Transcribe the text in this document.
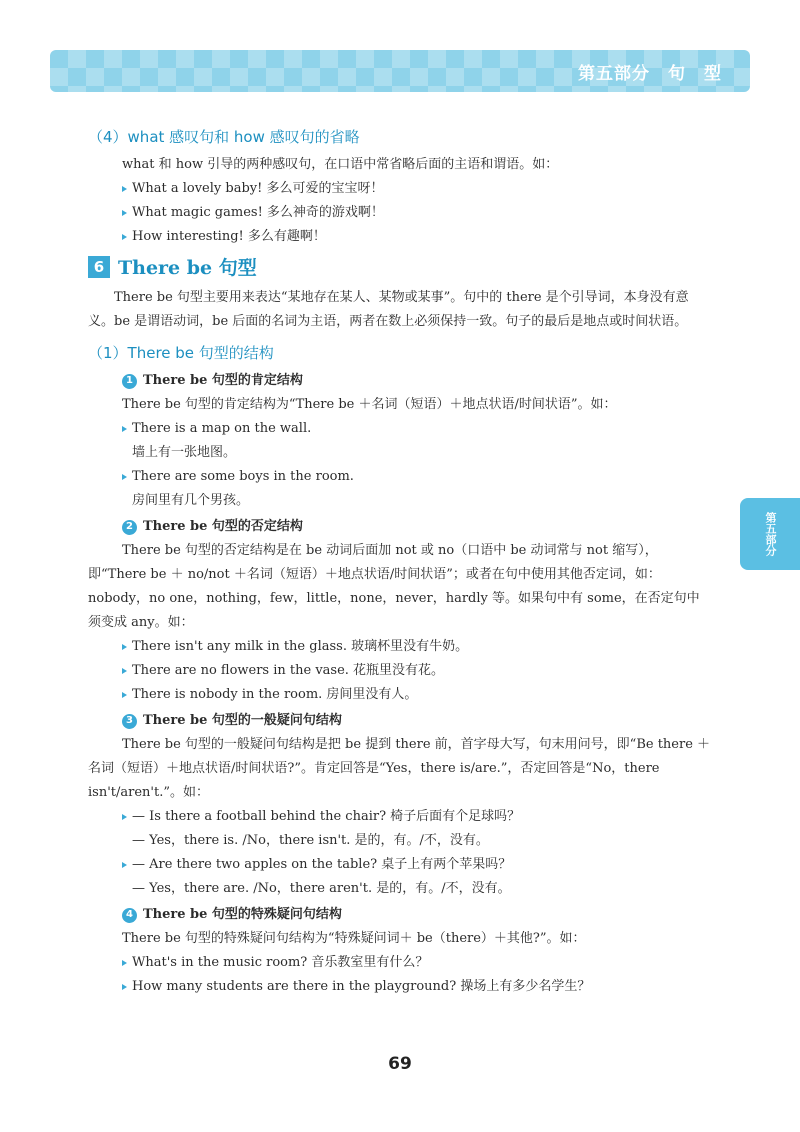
第五部分　句　型
第五部分
（4）what 感叹句和 how 感叹句的省略

what 和 how 引导的两种感叹句，在口语中常省略后面的主语和谓语。如：

What a lovely baby! 多么可爱的宝宝呀！

What magic games! 多么神奇的游戏啊！

How interesting! 多么有趣啊！

6 There be 句型

There be 句型主要用来表达“某地存在某人、某物或某事”。句中的 there 是个引导词，本身没有意义。be 是谓语动词，be 后面的名词为主语，两者在数上必须保持一致。句子的最后是地点或时间状语。

（1）There be 句型的结构
1 There be 句型的肯定结构

There be 句型的肯定结构为“There be ＋名词（短语）＋地点状语/时间状语”。如：

There is a map on the wall.

墙上有一张地图。

There are some boys in the room.

房间里有几个男孩。

2 There be 句型的否定结构

There be 句型的否定结构是在 be 动词后面加 not 或 no（口语中 be 动词常与 not 缩写），即“There be ＋ no/not ＋名词（短语）＋地点状语/时间状语”；或者在句中使用其他否定词，如：nobody，no one，nothing，few，little，none，never，hardly 等。如果句中有 some，在否定句中须变成 any。如：

There isn't any milk in the glass. 玻璃杯里没有牛奶。

There are no flowers in the vase. 花瓶里没有花。

There is nobody in the room. 房间里没有人。

3 There be 句型的一般疑问句结构

There be 句型的一般疑问句结构是把 be 提到 there 前，首字母大写，句末用问号，即“Be there ＋名词（短语）＋地点状语/时间状语?”。肯定回答是“Yes，there is/are.”，否定回答是“No，there isn't/aren't.”。如：

— Is there a football behind the chair? 椅子后面有个足球吗？

— Yes，there is. /No，there isn't. 是的，有。/不，没有。

— Are there two apples on the table? 桌子上有两个苹果吗？

— Yes，there are. /No，there aren't. 是的，有。/不，没有。

4 There be 句型的特殊疑问句结构

There be 句型的特殊疑问句结构为“特殊疑问词＋ be（there）＋其他?”。如：

What's in the music room? 音乐教室里有什么？

How many students are there in the playground? 操场上有多少名学生？

69
